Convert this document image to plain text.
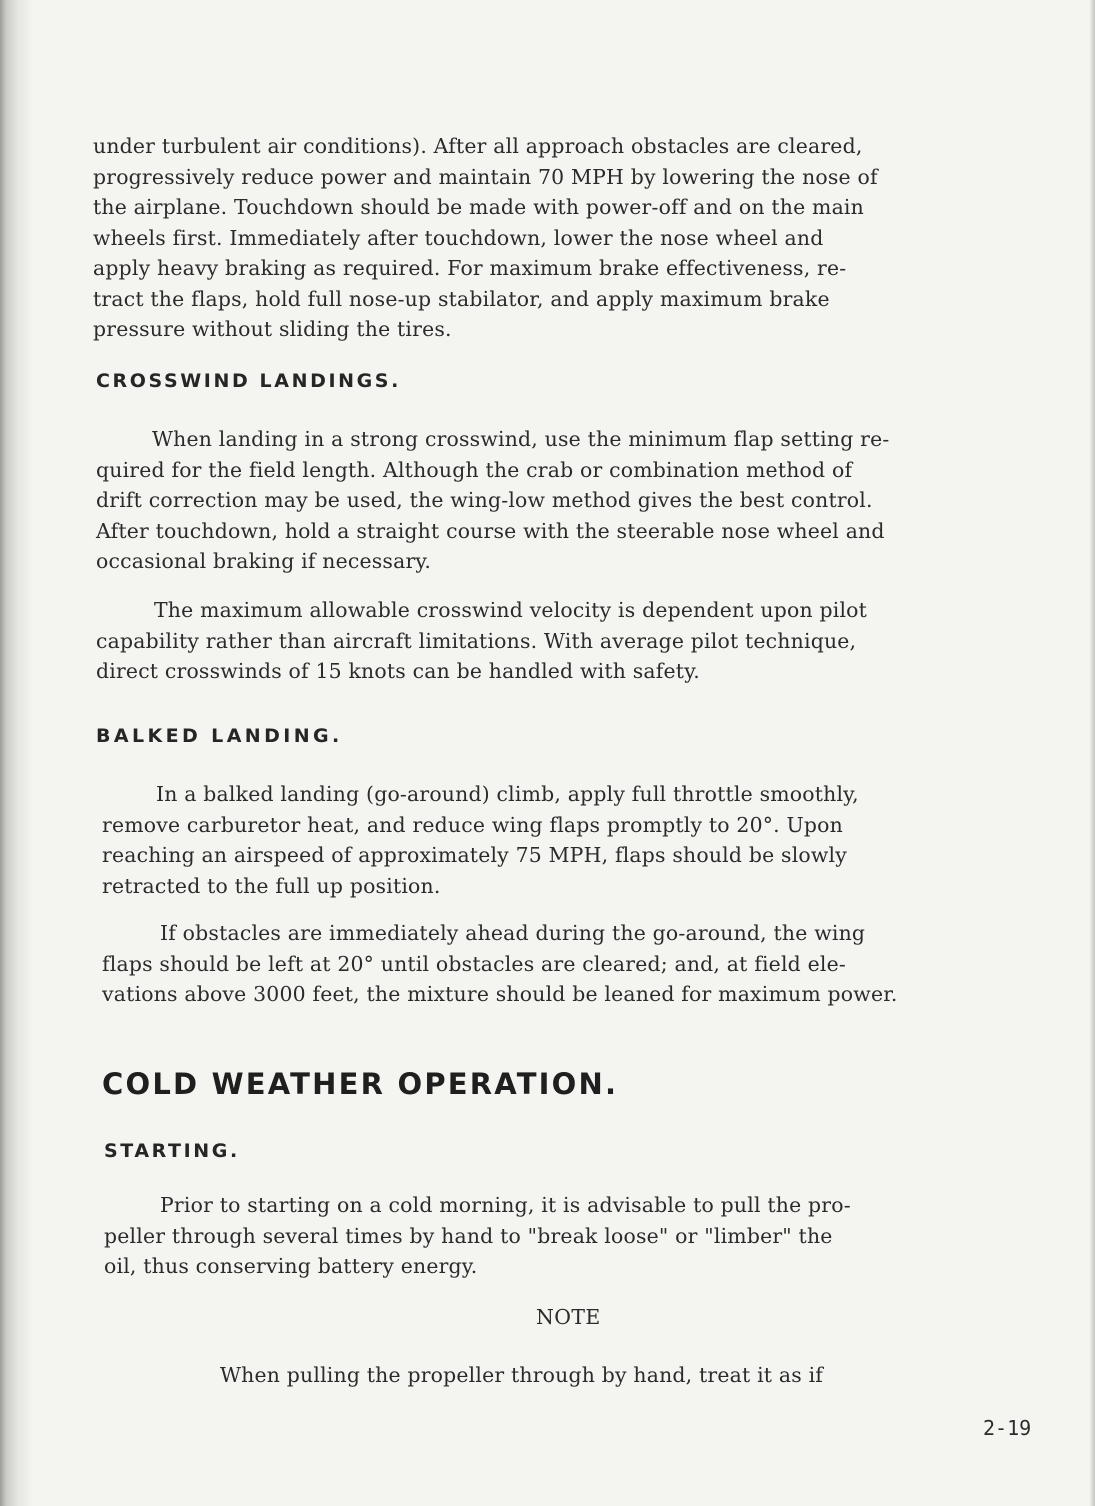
under turbulent air conditions). After all approach obstacles are cleared,
progressively reduce power and maintain 70 MPH by lowering the nose of
the airplane. Touchdown should be made with power-off and on the main
wheels first. Immediately after touchdown, lower the nose wheel and
apply heavy braking as required. For maximum brake effectiveness, re-
tract the flaps, hold full nose-up stabilator, and apply maximum brake
pressure without sliding the tires.

CROSSWIND LANDINGS.

When landing in a strong crosswind, use the minimum flap setting re-
quired for the field length. Although the crab or combination method of
drift correction may be used, the wing-low method gives the best control.
After touchdown, hold a straight course with the steerable nose wheel and
occasional braking if necessary.

The maximum allowable crosswind velocity is dependent upon pilot
capability rather than aircraft limitations. With average pilot technique,
direct crosswinds of 15 knots can be handled with safety.

BALKED LANDING.

In a balked landing (go-around) climb, apply full throttle smoothly,
remove carburetor heat, and reduce wing flaps promptly to 20°. Upon
reaching an airspeed of approximately 75 MPH, flaps should be slowly
retracted to the full up position.

If obstacles are immediately ahead during the go-around, the wing
flaps should be left at 20° until obstacles are cleared; and, at field ele-
vations above 3000 feet, the mixture should be leaned for maximum power.

COLD WEATHER OPERATION.
STARTING.

Prior to starting on a cold morning, it is advisable to pull the pro-
peller through several times by hand to "break loose" or "limber" the
oil, thus conserving battery energy.

NOTE

When pulling the propeller through by hand, treat it as if

2-19
